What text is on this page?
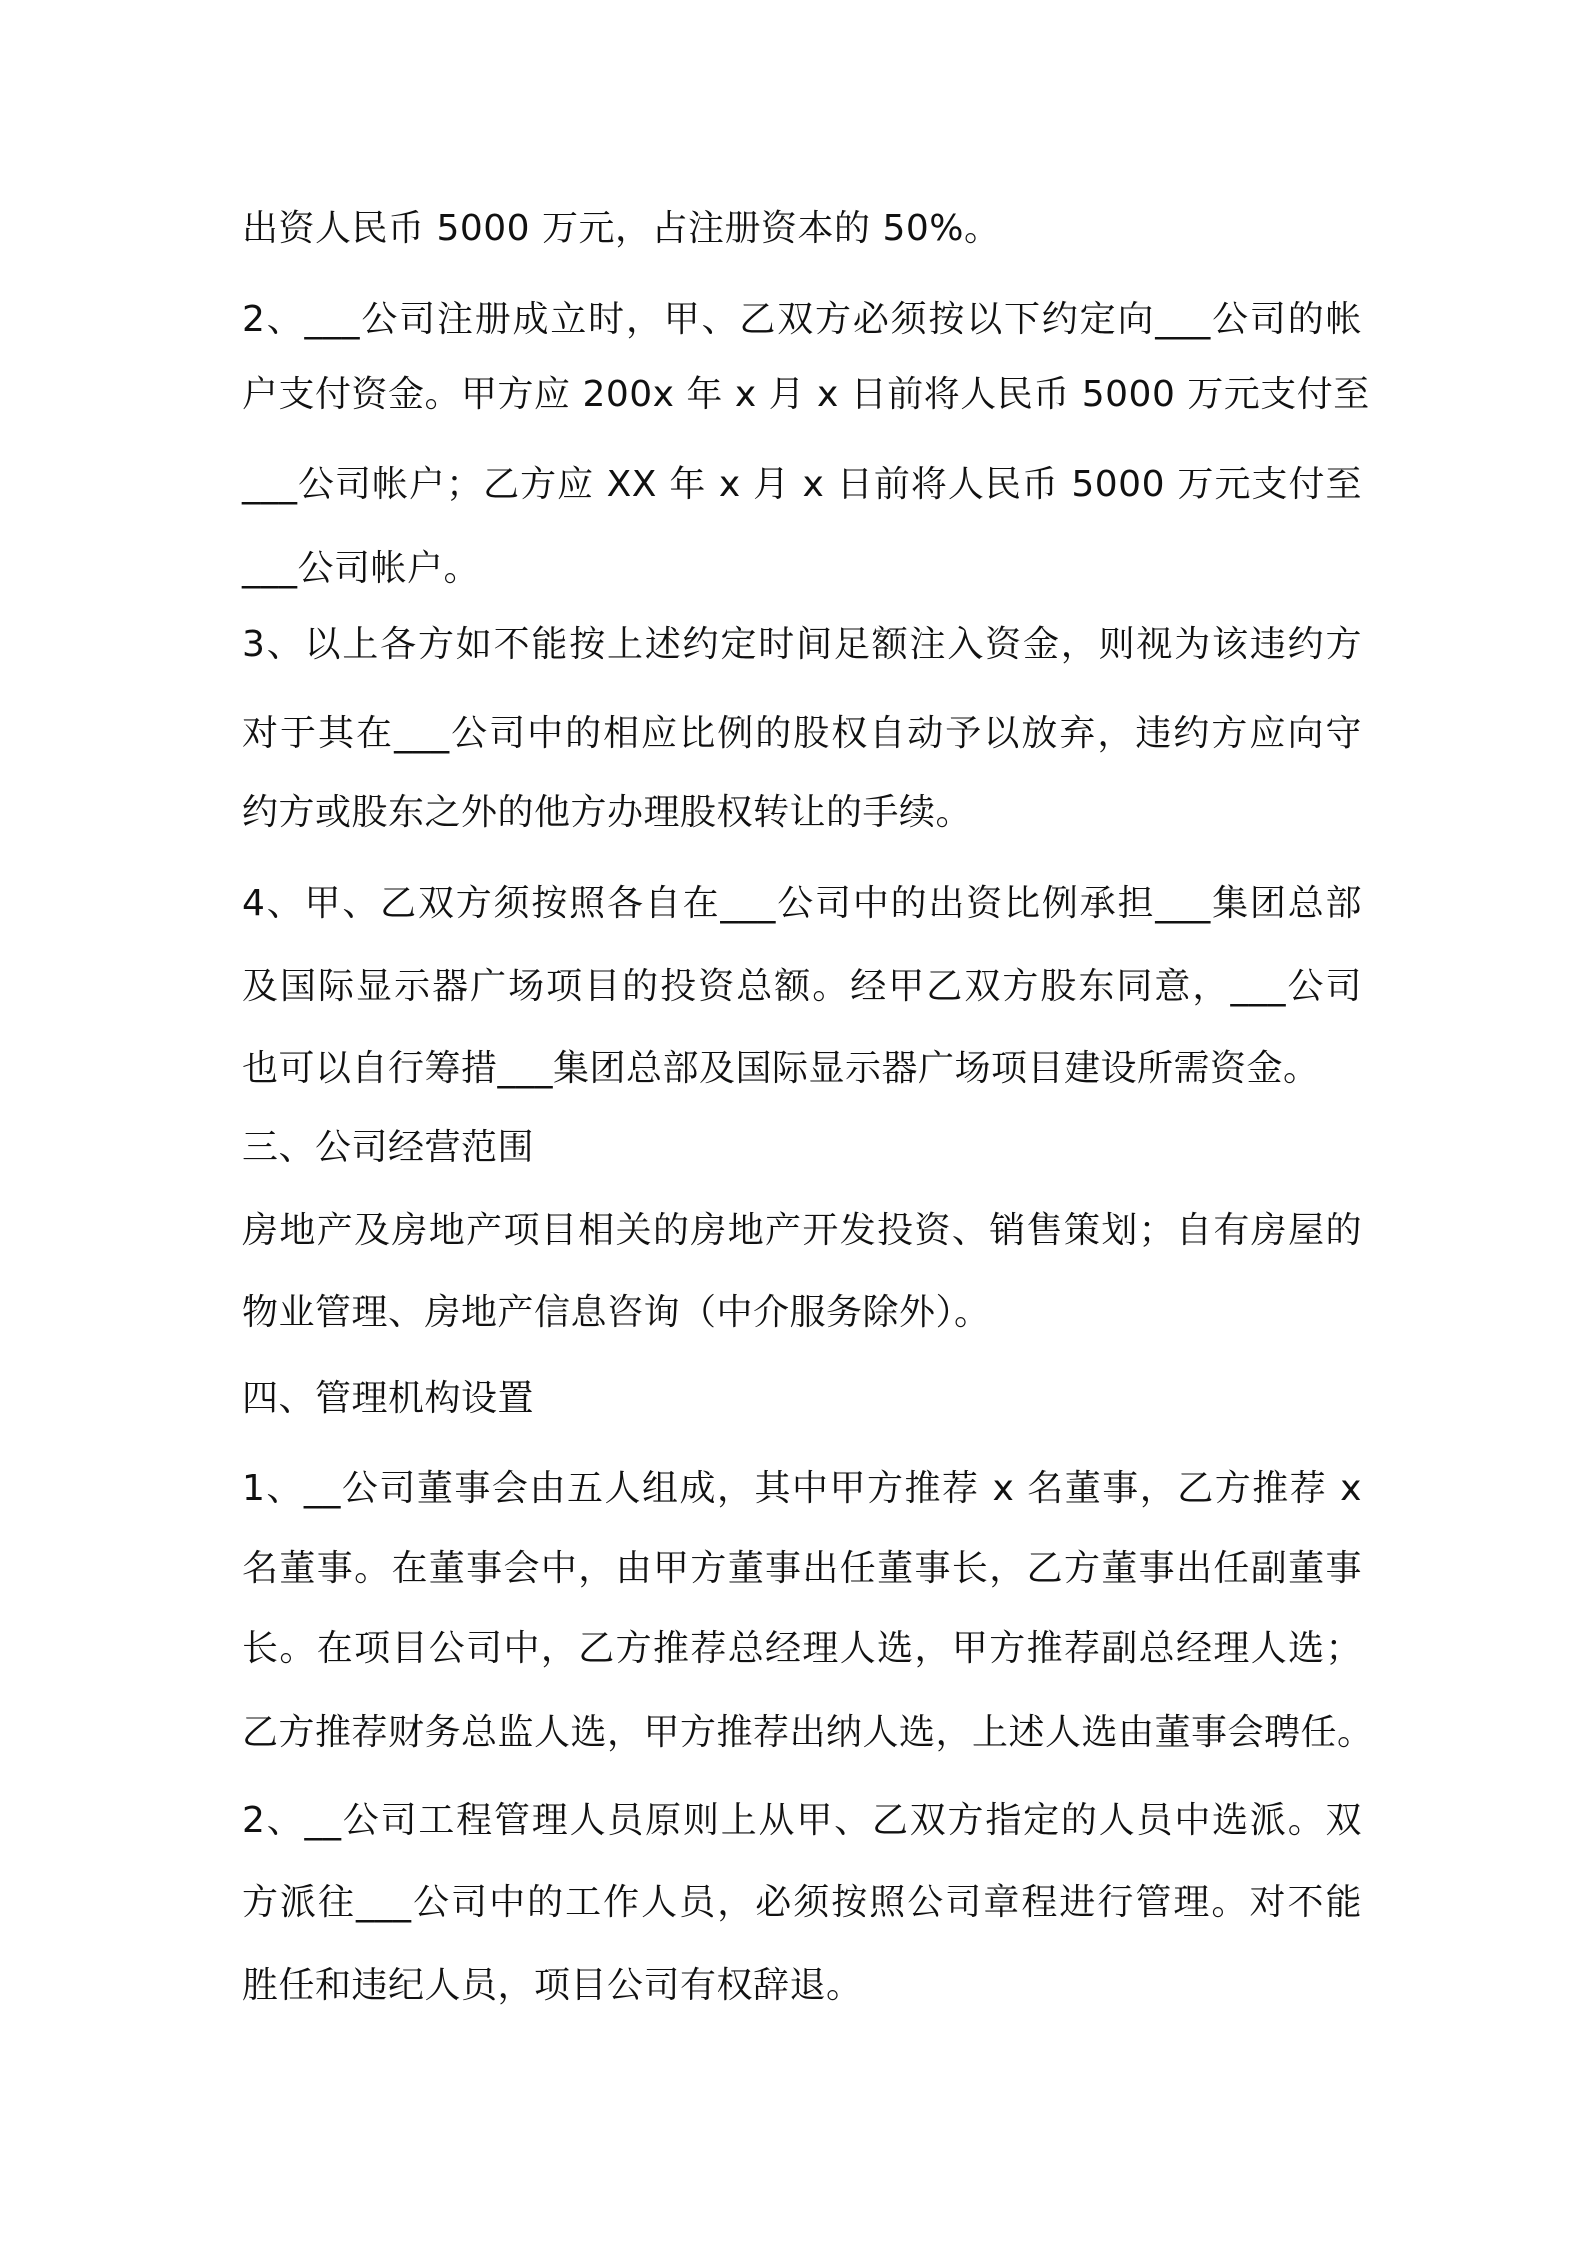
出资人民币 5000 万元，占注册资本的 50%。
2、___公司注册成立时，甲、乙双方必须按以下约定向___公司的帐
户支付资金。甲方应 200x 年 x 月 x 日前将人民币 5000 万元支付至
___公司帐户；乙方应 XX 年 x 月 x 日前将人民币 5000 万元支付至
___公司帐户。
3、以上各方如不能按上述约定时间足额注入资金，则视为该违约方
对于其在___公司中的相应比例的股权自动予以放弃，违约方应向守
约方或股东之外的他方办理股权转让的手续。
4、甲、乙双方须按照各自在___公司中的出资比例承担___集团总部
及国际显示器广场项目的投资总额。经甲乙双方股东同意，___公司
也可以自行筹措___集团总部及国际显示器广场项目建设所需资金。
三、公司经营范围
房地产及房地产项目相关的房地产开发投资、销售策划；自有房屋的
物业管理、房地产信息咨询（中介服务除外）。
四、管理机构设置
1、__公司董事会由五人组成，其中甲方推荐 x 名董事，乙方推荐 x
名董事。在董事会中，由甲方董事出任董事长，乙方董事出任副董事
长。在项目公司中，乙方推荐总经理人选，甲方推荐副总经理人选；
乙方推荐财务总监人选，甲方推荐出纳人选，上述人选由董事会聘任。
2、__公司工程管理人员原则上从甲、乙双方指定的人员中选派。双
方派往___公司中的工作人员，必须按照公司章程进行管理。对不能
胜任和违纪人员，项目公司有权辞退。
